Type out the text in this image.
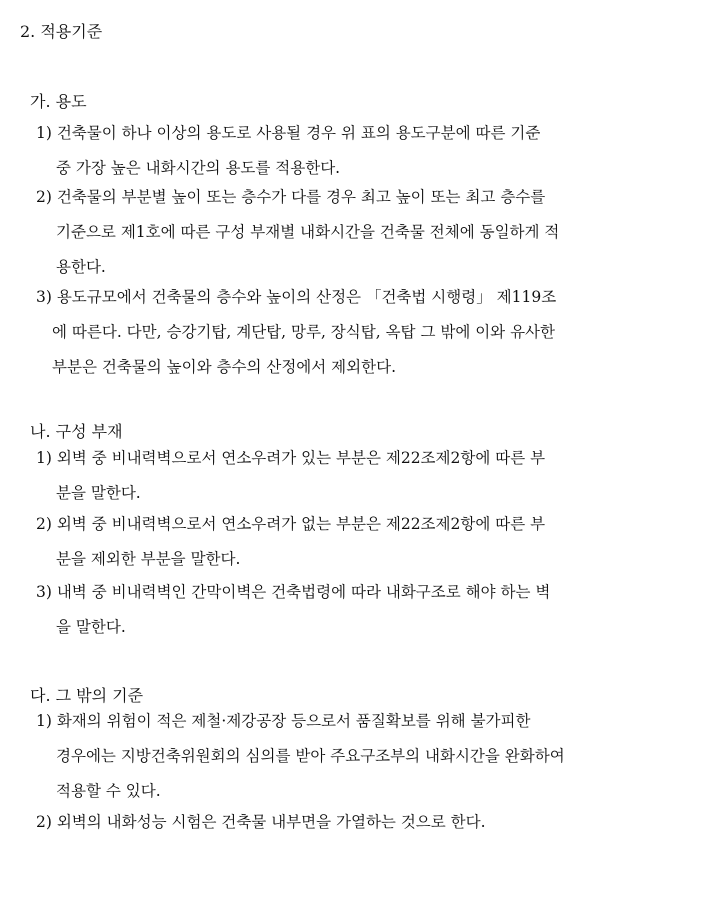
2. 적용기준
가. 용도
1) 건축물이 하나 이상의 용도로 사용될 경우 위 표의 용도구분에 따른 기준
중 가장 높은 내화시간의 용도를 적용한다.
2) 건축물의 부분별 높이 또는 층수가 다를 경우 최고 높이 또는 최고 층수를
기준으로 제1호에 따른 구성 부재별 내화시간을 건축물 전체에 동일하게 적
용한다.
3) 용도규모에서 건축물의 층수와 높이의 산정은 「건축법 시행령」 제119조
에 따른다. 다만, 승강기탑, 계단탑, 망루, 장식탑, 옥탑 그 밖에 이와 유사한
부분은 건축물의 높이와 층수의 산정에서 제외한다.
나. 구성 부재
1) 외벽 중 비내력벽으로서 연소우려가 있는 부분은 제22조제2항에 따른 부
분을 말한다.
2) 외벽 중 비내력벽으로서 연소우려가 없는 부분은 제22조제2항에 따른 부
분을 제외한 부분을 말한다.
3) 내벽 중 비내력벽인 간막이벽은 건축법령에 따라 내화구조로 해야 하는 벽
을 말한다.
다. 그 밖의 기준
1) 화재의 위험이 적은 제철·제강공장 등으로서 품질확보를 위해 불가피한
경우에는 지방건축위원회의 심의를 받아 주요구조부의 내화시간을 완화하여
적용할 수 있다.
2) 외벽의 내화성능 시험은 건축물 내부면을 가열하는 것으로 한다.
